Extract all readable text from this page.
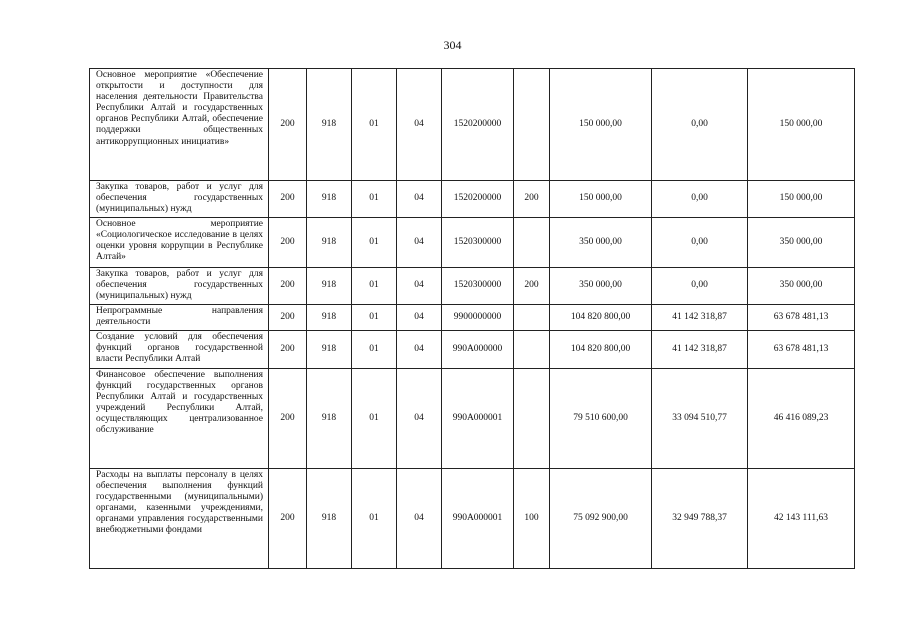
304
Основное мероприятие «Обеспечение открытости и доступности для населения деятельности Правительства Республики Алтай и государственных органов Республики Алтай, обеспечение поддержки общественных антикоррупционных инициатив»	200	918	01	04	1520200000		150 000,00	0,00	150 000,00
Закупка товаров, работ и услуг для обеспечения государственных (муниципальных) нужд	200	918	01	04	1520200000	200	150 000,00	0,00	150 000,00
Основное мероприятие «Социологическое исследование в целях оценки уровня коррупции в Республике Алтай»	200	918	01	04	1520300000		350 000,00	0,00	350 000,00
Закупка товаров, работ и услуг для обеспечения государственных (муниципальных) нужд	200	918	01	04	1520300000	200	350 000,00	0,00	350 000,00
Непрограммные направления деятельности	200	918	01	04	9900000000		104 820 800,00	41 142 318,87	63 678 481,13
Создание условий для обеспечения функций органов государственной власти Республики Алтай	200	918	01	04	990А000000		104 820 800,00	41 142 318,87	63 678 481,13
Финансовое обеспечение выполнения функций государственных органов Республики Алтай и государственных учреждений Республики Алтай, осуществляющих централизованное обслуживание	200	918	01	04	990А000001		79 510 600,00	33 094 510,77	46 416 089,23
Расходы на выплаты персоналу в целях обеспечения выполнения функций государственными (муниципальными) органами, казенными учреждениями, органами управления государственными внебюджетными фондами	200	918	01	04	990А000001	100	75 092 900,00	32 949 788,37	42 143 111,63
